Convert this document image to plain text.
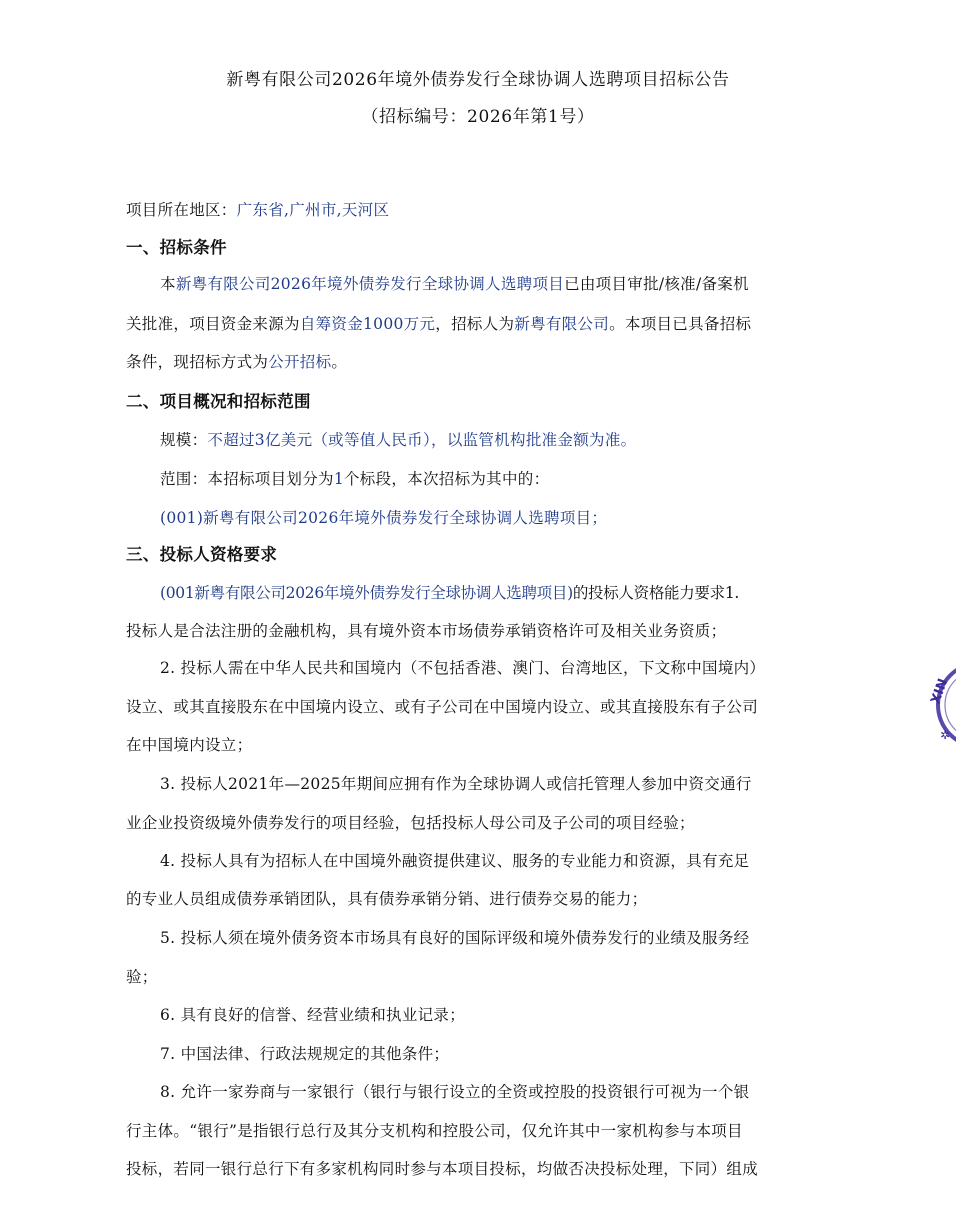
新粤有限公司2026年境外债券发行全球协调人选聘项目招标公告
（招标编号：2026年第1号）
项目所在地区：广东省,广州市,天河区
一、招标条件
本新粤有限公司2026年境外债券发行全球协调人选聘项目已由项目审批/核准/备案机
关批准，项目资金来源为自筹资金1000万元，招标人为新粤有限公司。本项目已具备招标
条件，现招标方式为公开招标。
二、项目概况和招标范围
规模：不超过3亿美元（或等值人民币），以监管机构批准金额为准。
范围：本招标项目划分为1个标段，本次招标为其中的：
(001)新粤有限公司2026年境外债券发行全球协调人选聘项目；
三、投标人资格要求
(001新粤有限公司2026年境外债券发行全球协调人选聘项目)的投标人资格能力要求1.
投标人是合法注册的金融机构，具有境外资本市场债券承销资格许可及相关业务资质；
2. 投标人需在中华人民共和国境内（不包括香港、澳门、台湾地区，下文称中国境内）
设立、或其直接股东在中国境内设立、或有子公司在中国境内设立、或其直接股东有子公司
在中国境内设立；
3. 投标人2021年—2025年期间应拥有作为全球协调人或信托管理人参加中资交通行
业企业投资级境外债券发行的项目经验，包括投标人母公司及子公司的项目经验；
4. 投标人具有为招标人在中国境外融资提供建议、服务的专业能力和资源，具有充足
的专业人员组成债券承销团队，具有债券承销分销、进行债券交易的能力；
5. 投标人须在境外债务资本市场具有良好的国际评级和境外债券发行的业绩及服务经
验；
6. 具有良好的信誉、经营业绩和执业记录；
7. 中国法律、行政法规规定的其他条件；
8. 允许一家券商与一家银行（银行与银行设立的全资或控股的投资银行可视为一个银
行主体。“银行”是指银行总行及其分支机构和控股公司，仅允许其中一家机构参与本项目
投标，若同一银行总行下有多家机构同时参与本项目投标，均做否决投标处理，下同）组成
XIN
✲
